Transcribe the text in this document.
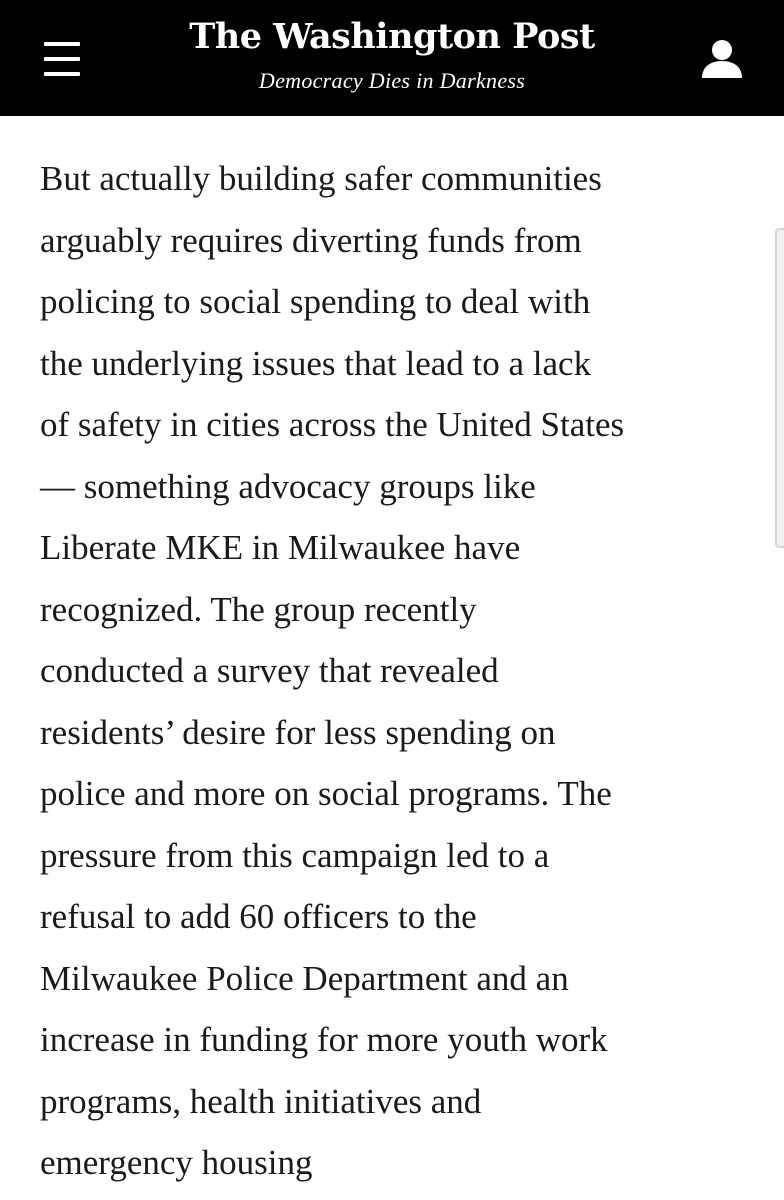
The Washington Post
Democracy Dies in Darkness
But actually building safer communities
arguably requires diverting funds from
policing to social spending to deal with
the underlying issues that lead to a lack
of safety in cities across the United States
— something advocacy groups like
Liberate MKE in Milwaukee have
recognized. The group recently
conducted a survey that revealed
residents’ desire for less spending on
police and more on social programs. The
pressure from this campaign led to a
refusal to add 60 officers to the
Milwaukee Police Department and an
increase in funding for more youth work
programs, health initiatives and
emergency housing
